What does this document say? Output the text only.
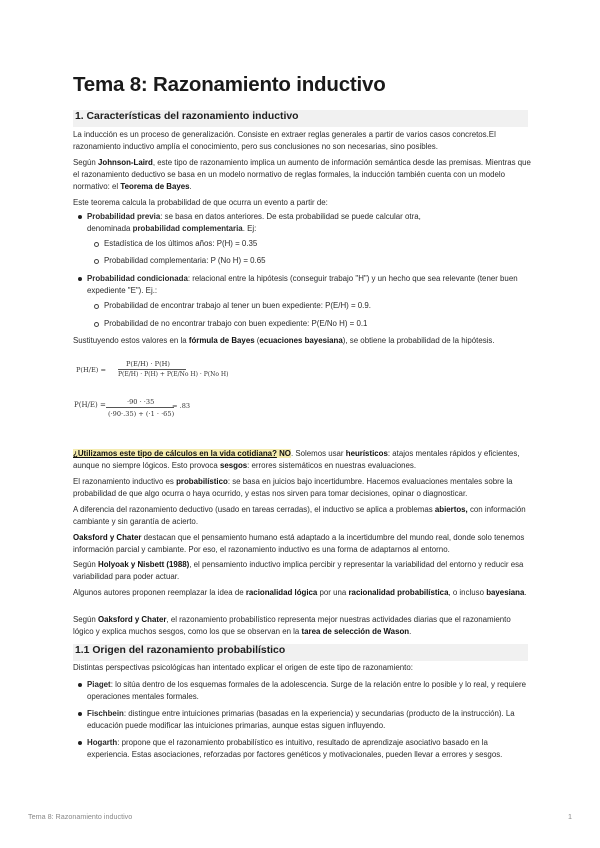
Tema 8: Razonamiento inductivo
1. Características del razonamiento inductivo

La inducción es un proceso de generalización. Consiste en extraer reglas generales a partir de varios casos concretos.El razonamiento inductivo amplía el conocimiento, pero sus conclusiones no son necesarias, sino posibles.

Según Johnson-Laird, este tipo de razonamiento implica un aumento de información semántica desde las premisas. Mientras que el razonamiento deductivo se basa en un modelo normativo de reglas formales, la inducción también cuenta con un modelo normativo: el Teorema de Bayes.

Este teorema calcula la probabilidad de que ocurra un evento a partir de:

Probabilidad previa: se basa en datos anteriores. De esta probabilidad se puede calcular otra, denominada probabilidad complementaria. Ej:
Estadística de los últimos años: P(H) = 0.35
Probabilidad complementaria: P (No H) = 0.65
Probabilidad condicionada: relacional entre la hipótesis (conseguir trabajo "H") y un hecho que sea relevante (tener buen expediente "E"). Ej.:
Probabilidad de encontrar trabajo al tener un buen expediente: P(E/H) = 0.9.
Probabilidad de no encontrar trabajo con buen expediente: P(E/No H) = 0.1

Sustituyendo estos valores en la fórmula de Bayes (ecuaciones bayesiana), se obtiene la probabilidad de la hipótesis.

P(H/E) =
P(E/H) · P(H)
P(E/H) · P(H) + P(E/No H) · P(No H)
P(H/E) =	·90 · ·35
(·90·.35) + (·1 · ·65)
= .83

¿Utilizamos este tipo de cálculos en la vida cotidiana? NO. Solemos usar heurísticos: atajos mentales rápidos y eficientes, aunque no siempre lógicos. Esto provoca sesgos: errores sistemáticos en nuestras evaluaciones.

El razonamiento inductivo es probabilístico: se basa en juicios bajo incertidumbre. Hacemos evaluaciones mentales sobre la probabilidad de que algo ocurra o haya ocurrido, y estas nos sirven para tomar decisiones, opinar o diagnosticar.

A diferencia del razonamiento deductivo (usado en tareas cerradas), el inductivo se aplica a problemas abiertos, con información cambiante y sin garantía de acierto.

Oaksford y Chater destacan que el pensamiento humano está adaptado a la incertidumbre del mundo real, donde solo tenemos información parcial y cambiante. Por eso, el razonamiento inductivo es una forma de adaptarnos al entorno.

Según Holyoak y Nisbett (1988), el pensamiento inductivo implica percibir y representar la variabilidad del entorno y reducir esa variabilidad para poder actuar.

Algunos autores proponen reemplazar la idea de racionalidad lógica por una racionalidad probabilística, o incluso bayesiana.

Según Oaksford y Chater, el razonamiento probabilístico representa mejor nuestras actividades diarias que el razonamiento lógico y explica muchos sesgos, como los que se observan en la tarea de selección de Wason.

1.1 Origen del razonamiento probabilístico

Distintas perspectivas psicológicas han intentado explicar el origen de este tipo de razonamiento:

Piaget: lo sitúa dentro de los esquemas formales de la adolescencia. Surge de la relación entre lo posible y lo real, y requiere operaciones mentales formales.
Fischbein: distingue entre intuiciones primarias (basadas en la experiencia) y secundarias (producto de la instrucción). La educación puede modificar las intuiciones primarias, aunque estas siguen influyendo.
Hogarth: propone que el razonamiento probabilístico es intuitivo, resultado de aprendizaje asociativo basado en la experiencia. Estas asociaciones, reforzadas por factores genéticos y motivacionales, pueden llevar a errores y sesgos.
Tema 8: Razonamiento inductivo	1
